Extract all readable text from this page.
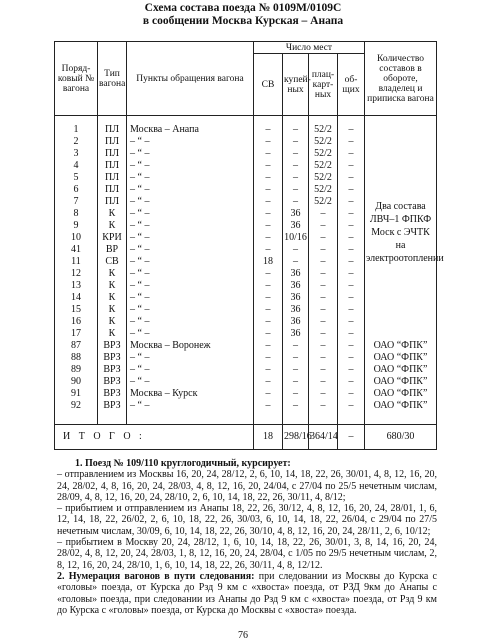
Схема состава поезда № 0109М/0109С
в сообщении Москва Курская – Анапа
Поряд-ковый № вагона	Тип вагона	Пункты обращения вагона	Число мест				Количество составов в обороте, владелец и приписка вагона
			СВ	купей-ных	плац-карт-ных	об-щих	

1	ПЛ	Москва – Анапа	–	–	52/2	–	Два состава ЛВЧ–1 ФПКФ Моск с ЭЧТК на электроотоплении
2	ПЛ	– “ –	–	–	52/2	–	
3	ПЛ	– “ –	–	–	52/2	–	
4	ПЛ	– “ –	–	–	52/2	–	
5	ПЛ	– “ –	–	–	52/2	–	
6	ПЛ	– “ –	–	–	52/2	–	
7	ПЛ	– “ –	–	–	52/2	–	
8	К	– “ –	–	36	–	–	
9	К	– “ –	–	36	–	–	
10	КРИ	– “ –	–	10/16	–	–	
41	ВР	– “ –	–	–	–	–	
11	СВ	– “ –	18	–	–	–	
12	К	– “ –	–	36	–	–	
13	К	– “ –	–	36	–	–	
14	К	– “ –	–	36	–	–	
15	К	– “ –	–	36	–	–	
16	К	– “ –	–	36	–	–	
17	К	– “ –	–	36	–	–	
87	ВРЗ	Москва – Воронеж	–	–	–	–	ОАО “ФПК”
88	ВРЗ	– “ –	–	–	–	–	ОАО “ФПК”
89	ВРЗ	– “ –	–	–	–	–	ОАО “ФПК”
90	ВРЗ	– “ –	–	–	–	–	ОАО “ФПК”
91	ВРЗ	Москва – Курск	–	–	–	–	ОАО “ФПК”
92	ВРЗ	– “ –	–	–	–	–	ОАО “ФПК”

И Т О Г О :			18	298/16	364/14	–	680/30

1. Поезд № 109/110 круглогодичный, курсирует:

– отправлением из Москвы 16, 20, 24, 28/12, 2, 6, 10, 14, 18, 22, 26, 30/01, 4, 8, 12, 16, 20, 24, 28/02, 4, 8, 16, 20, 24, 28/03, 4, 8, 12, 16, 20, 24/04, с 27/04 по 25/5 нечетным числам, 28/09, 4, 8, 12, 16, 20, 24, 28/10, 2, 6, 10, 14, 18, 22, 26, 30/11, 4, 8/12;

– прибытием и отправлением из Анапы 18, 22, 26, 30/12, 4, 8, 12, 16, 20, 24, 28/01, 1, 6, 12, 14, 18, 22, 26/02, 2, 6, 10, 18, 22, 26, 30/03, 6, 10, 14, 18, 22, 26/04, с 29/04 по 27/5 нечетным числам, 30/09, 6, 10, 14, 18, 22, 26, 30/10, 4, 8, 12, 16, 20, 24, 28/11, 2, 6, 10/12;

– прибытием в Москву 20, 24, 28/12, 1, 6, 10, 14, 18, 22, 26, 30/01, 3, 8, 14, 16, 20, 24, 28/02, 4, 8, 12, 20, 24, 28/03, 1, 8, 12, 16, 20, 24, 28/04, с 1/05 по 29/5 нечетным числам, 2, 8, 12, 16, 20, 24, 28/10, 1, 6, 10, 14, 18, 22, 26, 30/11, 4, 8, 12/12.

2. Нумерация вагонов в пути следования: при следовании из Москвы до Курска с «головы» поезда, от Курска до Рзд 9 км с «хвоста» поезда, от РЗД 9км до Анапы с «головы» поезда, при следовании из Анапы до Рзд 9 км с «хвоста» поезда, от Рзд 9 км до Курска с «головы» поезда, от Курска до Москвы с «хвоста» поезда.

76
